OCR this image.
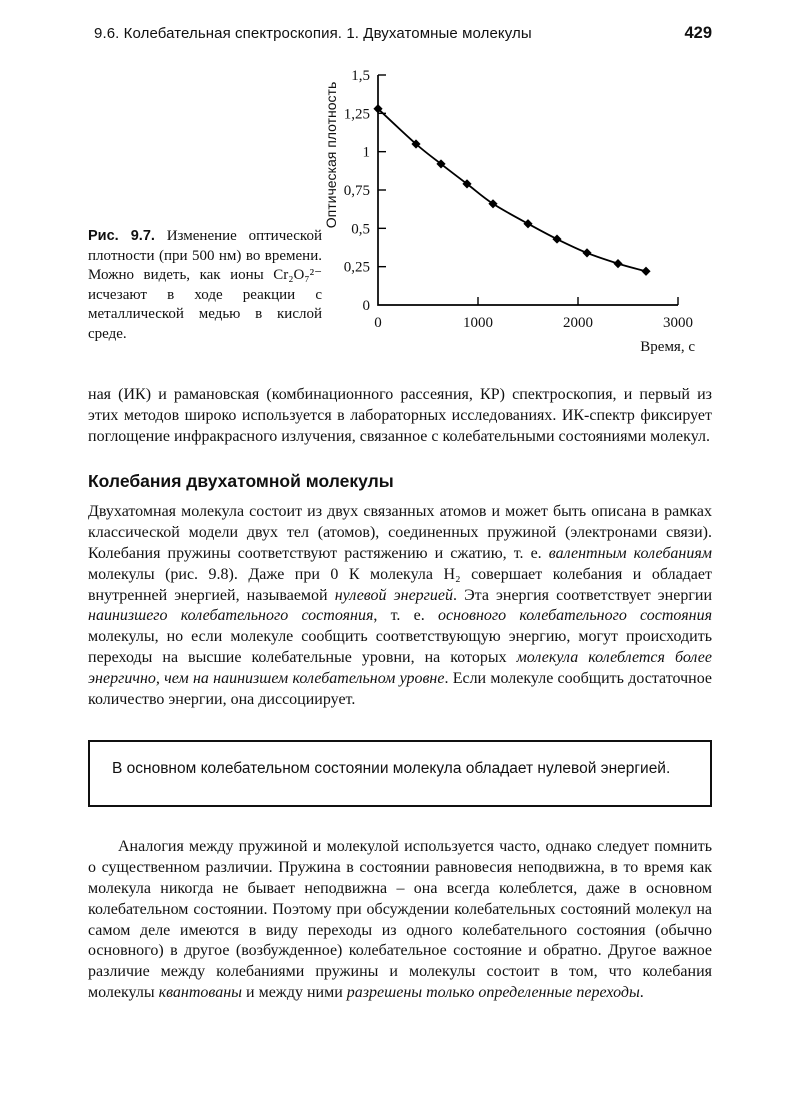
9.6. Колебательная спектроскопия. 1. Двухатомные молекулы	429
Рис. 9.7. Изменение оптической плотности (при 500 нм) во времени. Можно видеть, как ионы Cr₂O₇²⁻ исчезают в ходе реакции с металлической медью в кислой среде.
0
0,25
0,5
0,75
1
1,25
1,5
0	1000	2000	3000
Время, с
Оптическая плотность

ная (ИК) и рамановская (комбинационного рассеяния, КР) спектроскопия, и первый из этих методов широко используется в лабораторных исследованиях. ИК-спектр фиксирует поглощение инфракрасного излучения, связанное с колебательными состояниями молекул.

Колебания двухатомной молекулы

Двухатомная молекула состоит из двух связанных атомов и может быть описана в рамках классической модели двух тел (атомов), соединенных пружиной (электронами связи). Колебания пружины соответствуют растяжению и сжатию, т. е. валентным колебаниям молекулы (рис. 9.8). Даже при 0 К молекула H₂ совершает колебания и обладает внутренней энергией, называемой нулевой энергией. Эта энергия соответствует энергии наинизшего колебательного состояния, т. е. основного колебательного состояния молекулы, но если молекуле сообщить соответствующую энергию, могут происходить переходы на высшие колебательные уровни, на которых молекула колеблется более энергично, чем на наинизшем колебательном уровне. Если молекуле сообщить достаточное количество энергии, она диссоциирует.

В основном колебательном состоянии молекула обладает нулевой энергией.

Аналогия между пружиной и молекулой используется часто, однако следует помнить о существенном различии. Пружина в состоянии равновесия неподвижна, в то время как молекула никогда не бывает неподвижна – она всегда колеблется, даже в основном колебательном состоянии. Поэтому при обсуждении колебательных состояний молекул на самом деле имеются в виду переходы из одного колебательного состояния (обычно основного) в другое (возбужденное) колебательное состояние и обратно. Другое важное различие между колебаниями пружины и молекулы состоит в том, что колебания молекулы квантованы и между ними разрешены только определенные переходы.
